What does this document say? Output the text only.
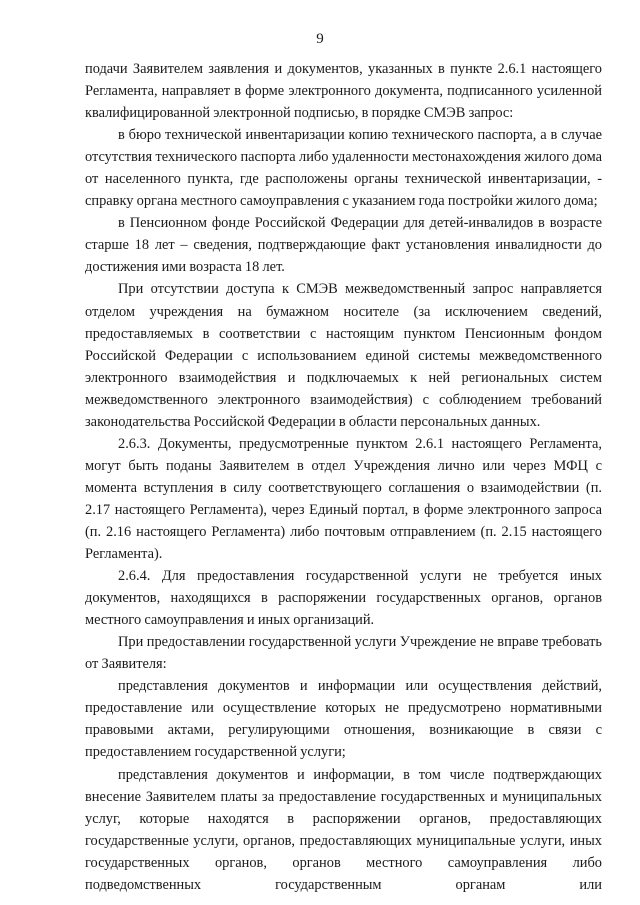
9

подачи Заявителем заявления и документов, указанных в пункте 2.6.1 настоящего Регламента, направляет в форме электронного документа, подписанного усиленной квалифицированной электронной подписью, в порядке СМЭВ запрос:

в бюро технической инвентаризации копию технического паспорта, а в случае отсутствия технического паспорта либо удаленности местонахождения жилого дома от населенного пункта, где расположены органы технической инвентаризации, - справку органа местного самоуправления с указанием года постройки жилого дома;

в Пенсионном фонде Российской Федерации для детей-инвалидов в возрасте старше 18 лет – сведения, подтверждающие факт установления инвалидности до достижения ими возраста 18 лет.

При отсутствии доступа к СМЭВ межведомственный запрос направляется отделом учреждения на бумажном носителе (за исключением сведений, предоставляемых в соответствии с настоящим пунктом Пенсионным фондом Российской Федерации с использованием единой системы межведомственного электронного взаимодействия и подключаемых к ней региональных систем межведомственного электронного взаимодействия) с соблюдением требований законодательства Российской Федерации в области персональных данных.

2.6.3. Документы, предусмотренные пунктом 2.6.1 настоящего Регламента, могут быть поданы Заявителем в отдел Учреждения лично или через МФЦ с момента вступления в силу соответствующего соглашения о взаимодействии (п. 2.17 настоящего Регламента), через Единый портал, в форме электронного запроса (п. 2.16 настоящего Регламента) либо почтовым отправлением (п. 2.15 настоящего Регламента).

2.6.4. Для предоставления государственной услуги не требуется иных документов, находящихся в распоряжении государственных органов, органов местного самоуправления и иных организаций.

При предоставлении государственной услуги Учреждение не вправе требовать от Заявителя:

представления документов и информации или осуществления действий, предоставление или осуществление которых не предусмотрено нормативными правовыми актами, регулирующими отношения, возникающие в связи с предоставлением государственной услуги;

представления документов и информации, в том числе подтверждающих внесение Заявителем платы за предоставление государственных и муниципальных услуг, которые находятся в распоряжении органов, предоставляющих государственные услуги, органов, предоставляющих муниципальные услуги, иных государственных органов, органов местного самоуправления либо подведомственных государственным органам или
